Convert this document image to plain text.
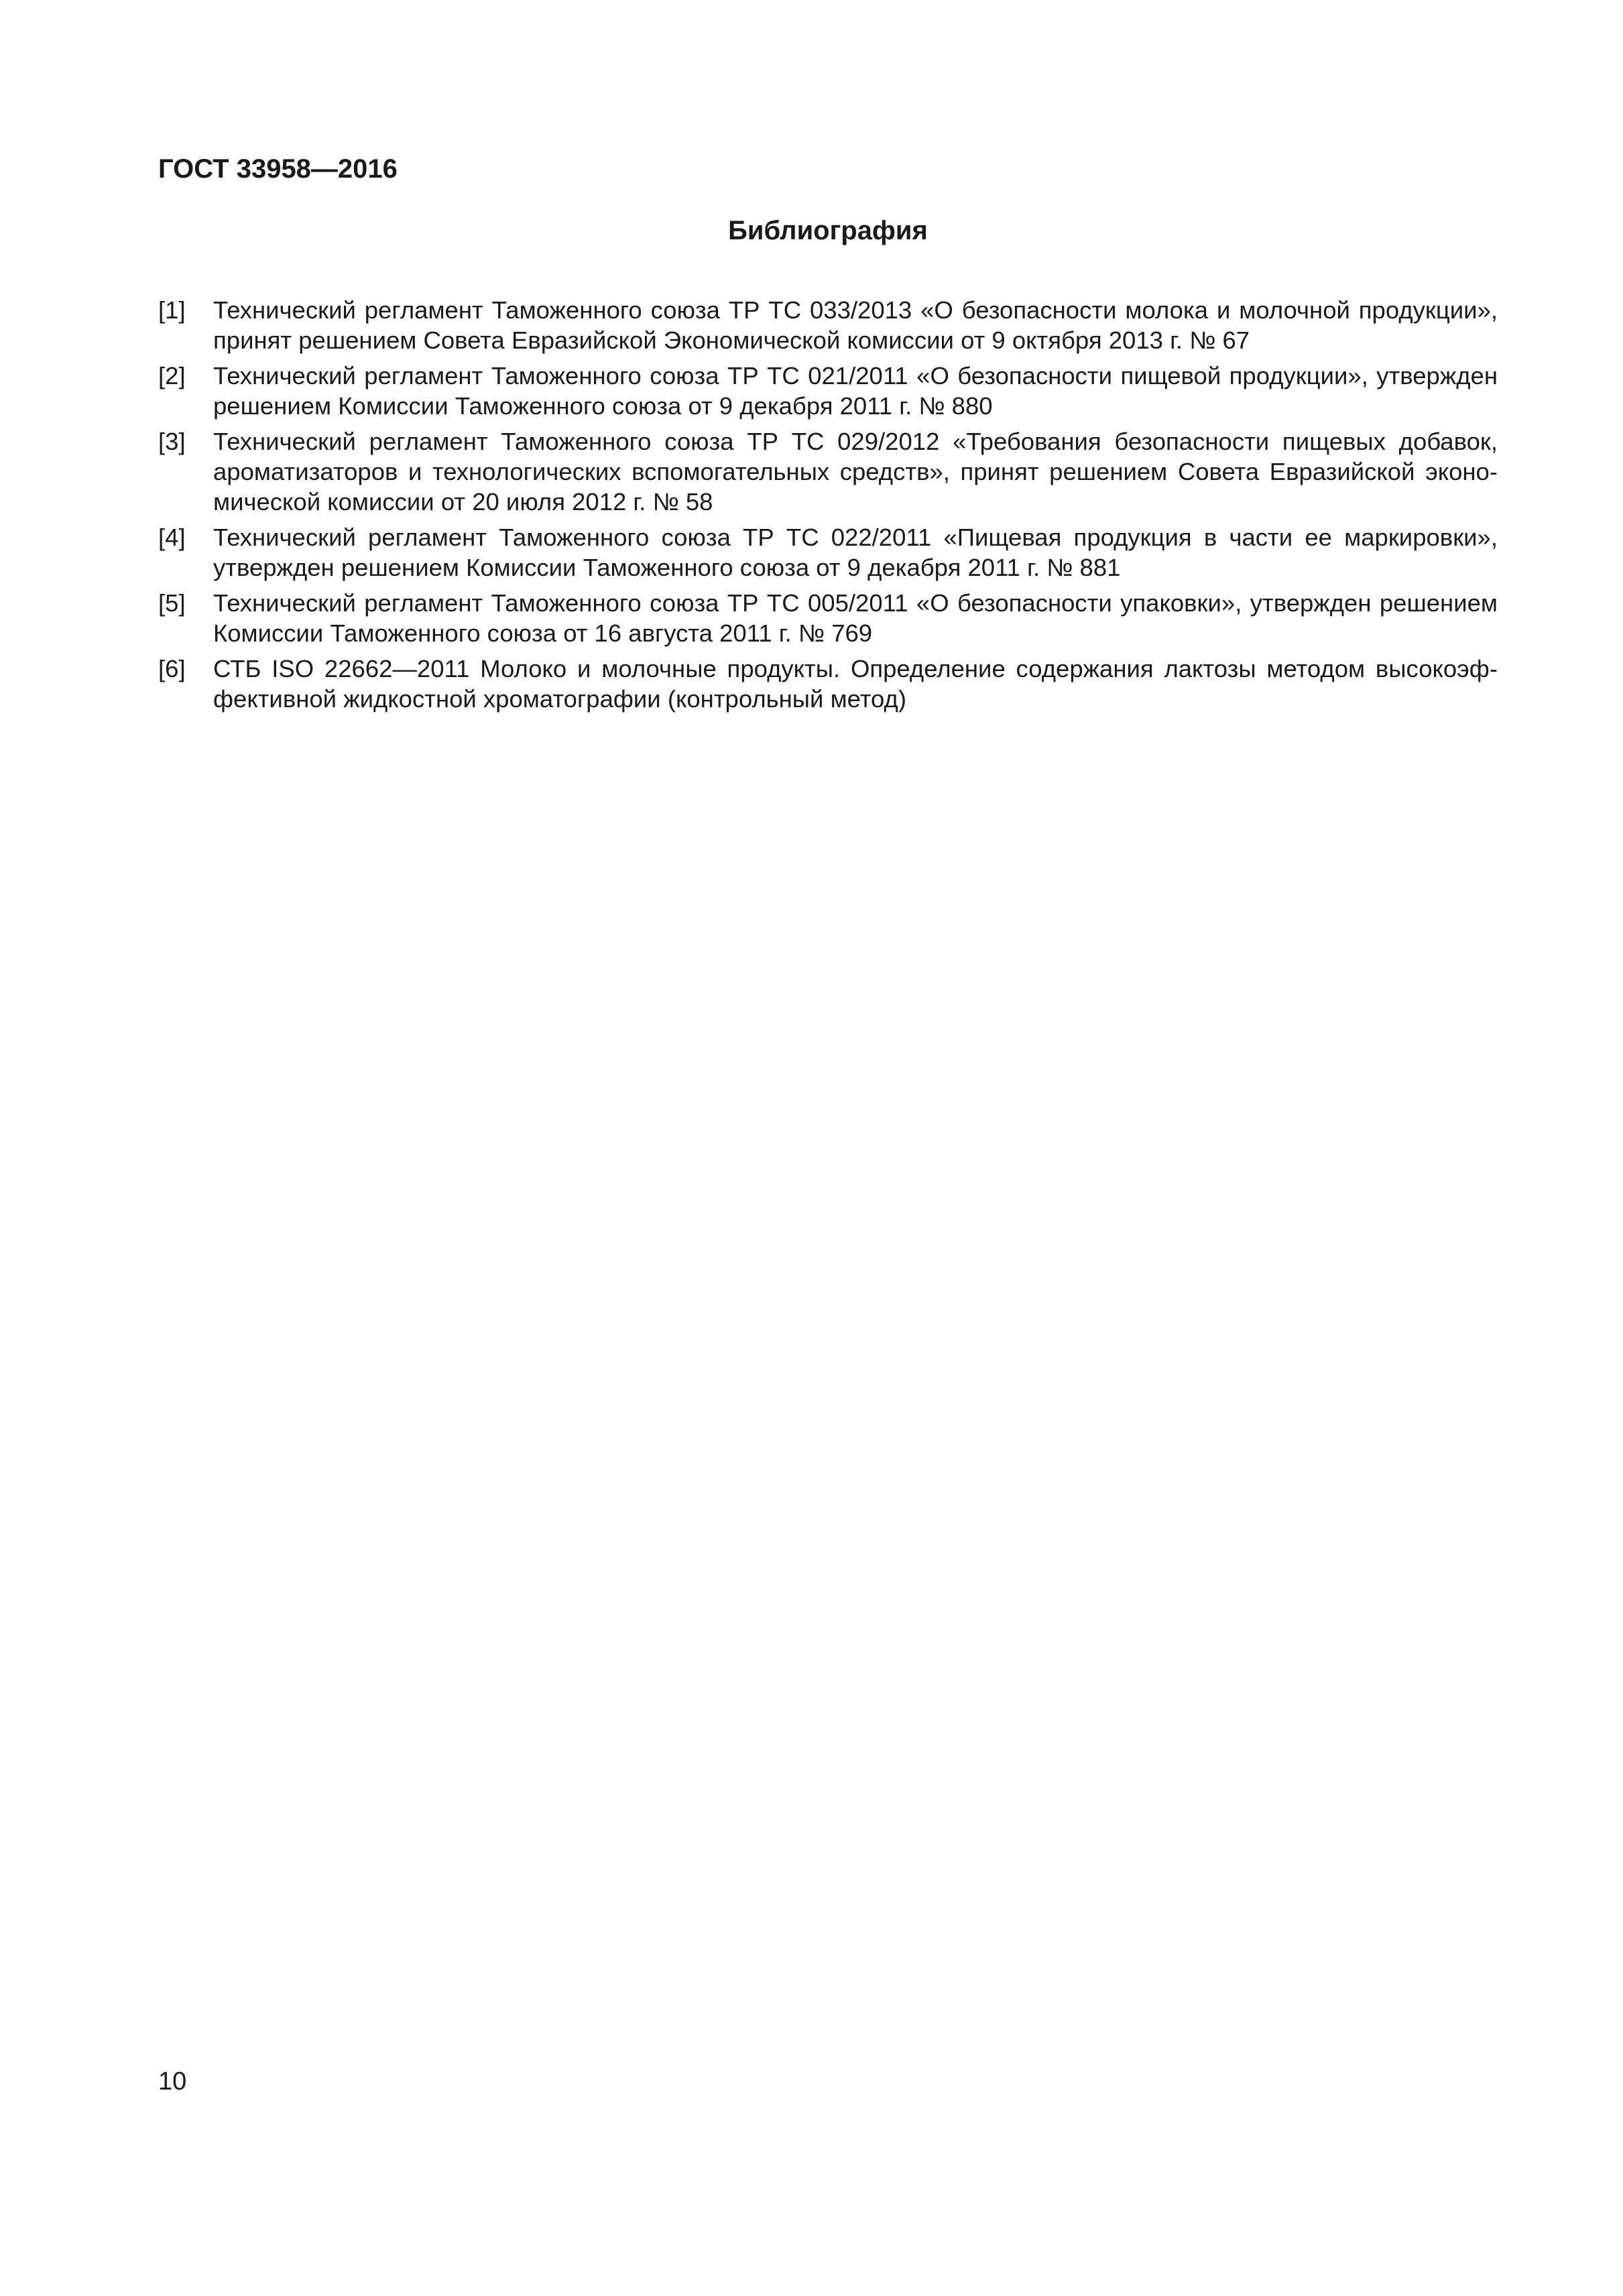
ГОСТ 33958—2016
Библиография
[1] Технический регламент Таможенного союза ТР ТС 033/2013 «О безопасности молока и молочной продукции», принят решением Совета Евразийской Экономической комиссии от 9 октября 2013 г. № 67
[2] Технический регламент Таможенного союза ТР ТС 021/2011 «О безопасности пищевой продукции», утвержден решением Комиссии Таможенного союза от 9 декабря 2011 г. № 880
[3] Технический регламент Таможенного союза ТР ТС 029/2012 «Требования безопасности пищевых добавок, ароматизаторов и технологических вспомогательных средств», принят решением Совета Евразийской экономической комиссии от 20 июля 2012 г. № 58
[4] Технический регламент Таможенного союза ТР ТС 022/2011 «Пищевая продукция в части ее маркировки», утвержден решением Комиссии Таможенного союза от 9 декабря 2011 г. № 881
[5] Технический регламент Таможенного союза ТР ТС 005/2011 «О безопасности упаковки», утвержден решением Комиссии Таможенного союза от 16 августа 2011 г. № 769
[6] СТБ ISO 22662—2011 Молоко и молочные продукты. Определение содержания лактозы методом высокоэффективной жидкостной хроматографии (контрольный метод)
10
